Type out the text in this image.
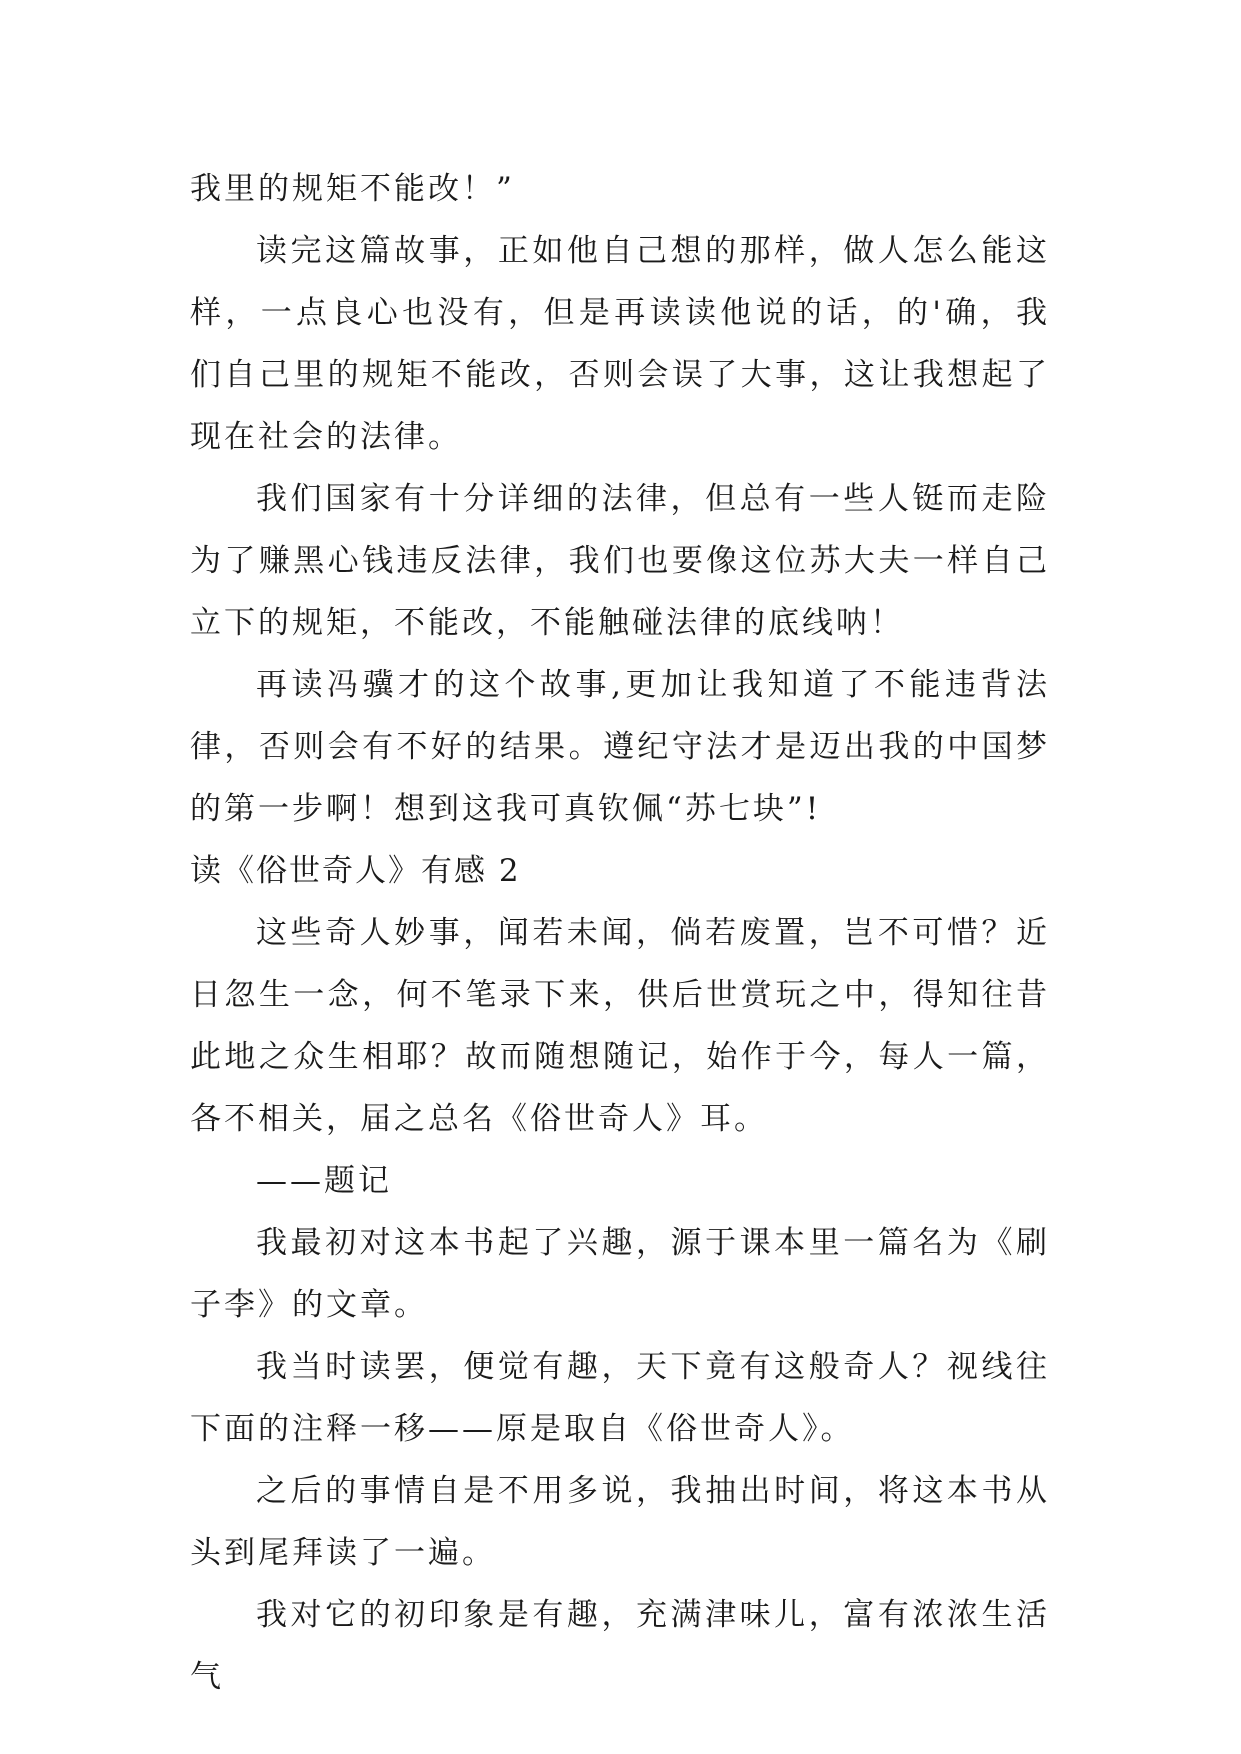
我里的规矩不能改！”

读完这篇故事，正如他自己想的那样，做人怎么能这样，一点良心也没有，但是再读读他说的话，的'确，我们自己里的规矩不能改，否则会误了大事，这让我想起了现在社会的法律。

我们国家有十分详细的法律，但总有一些人铤而走险为了赚黑心钱违反法律，我们也要像这位苏大夫一样自己立下的规矩，不能改，不能触碰法律的底线呐！

再读冯骥才的这个故事,更加让我知道了不能违背法律，否则会有不好的结果。遵纪守法才是迈出我的中国梦的第一步啊！想到这我可真钦佩“苏七块”!

读《俗世奇人》有感 2

这些奇人妙事，闻若未闻，倘若废置，岂不可惜？近日忽生一念，何不笔录下来，供后世赏玩之中，得知往昔此地之众生相耶？故而随想随记，始作于今，每人一篇，各不相关，届之总名《俗世奇人》耳。

——题记

我最初对这本书起了兴趣，源于课本里一篇名为《刷子李》的文章。

我当时读罢，便觉有趣，天下竟有这般奇人？视线往下面的注释一移——原是取自《俗世奇人》。

之后的事情自是不用多说，我抽出时间，将这本书从头到尾拜读了一遍。

我对它的初印象是有趣，充满津味儿，富有浓浓生活气
